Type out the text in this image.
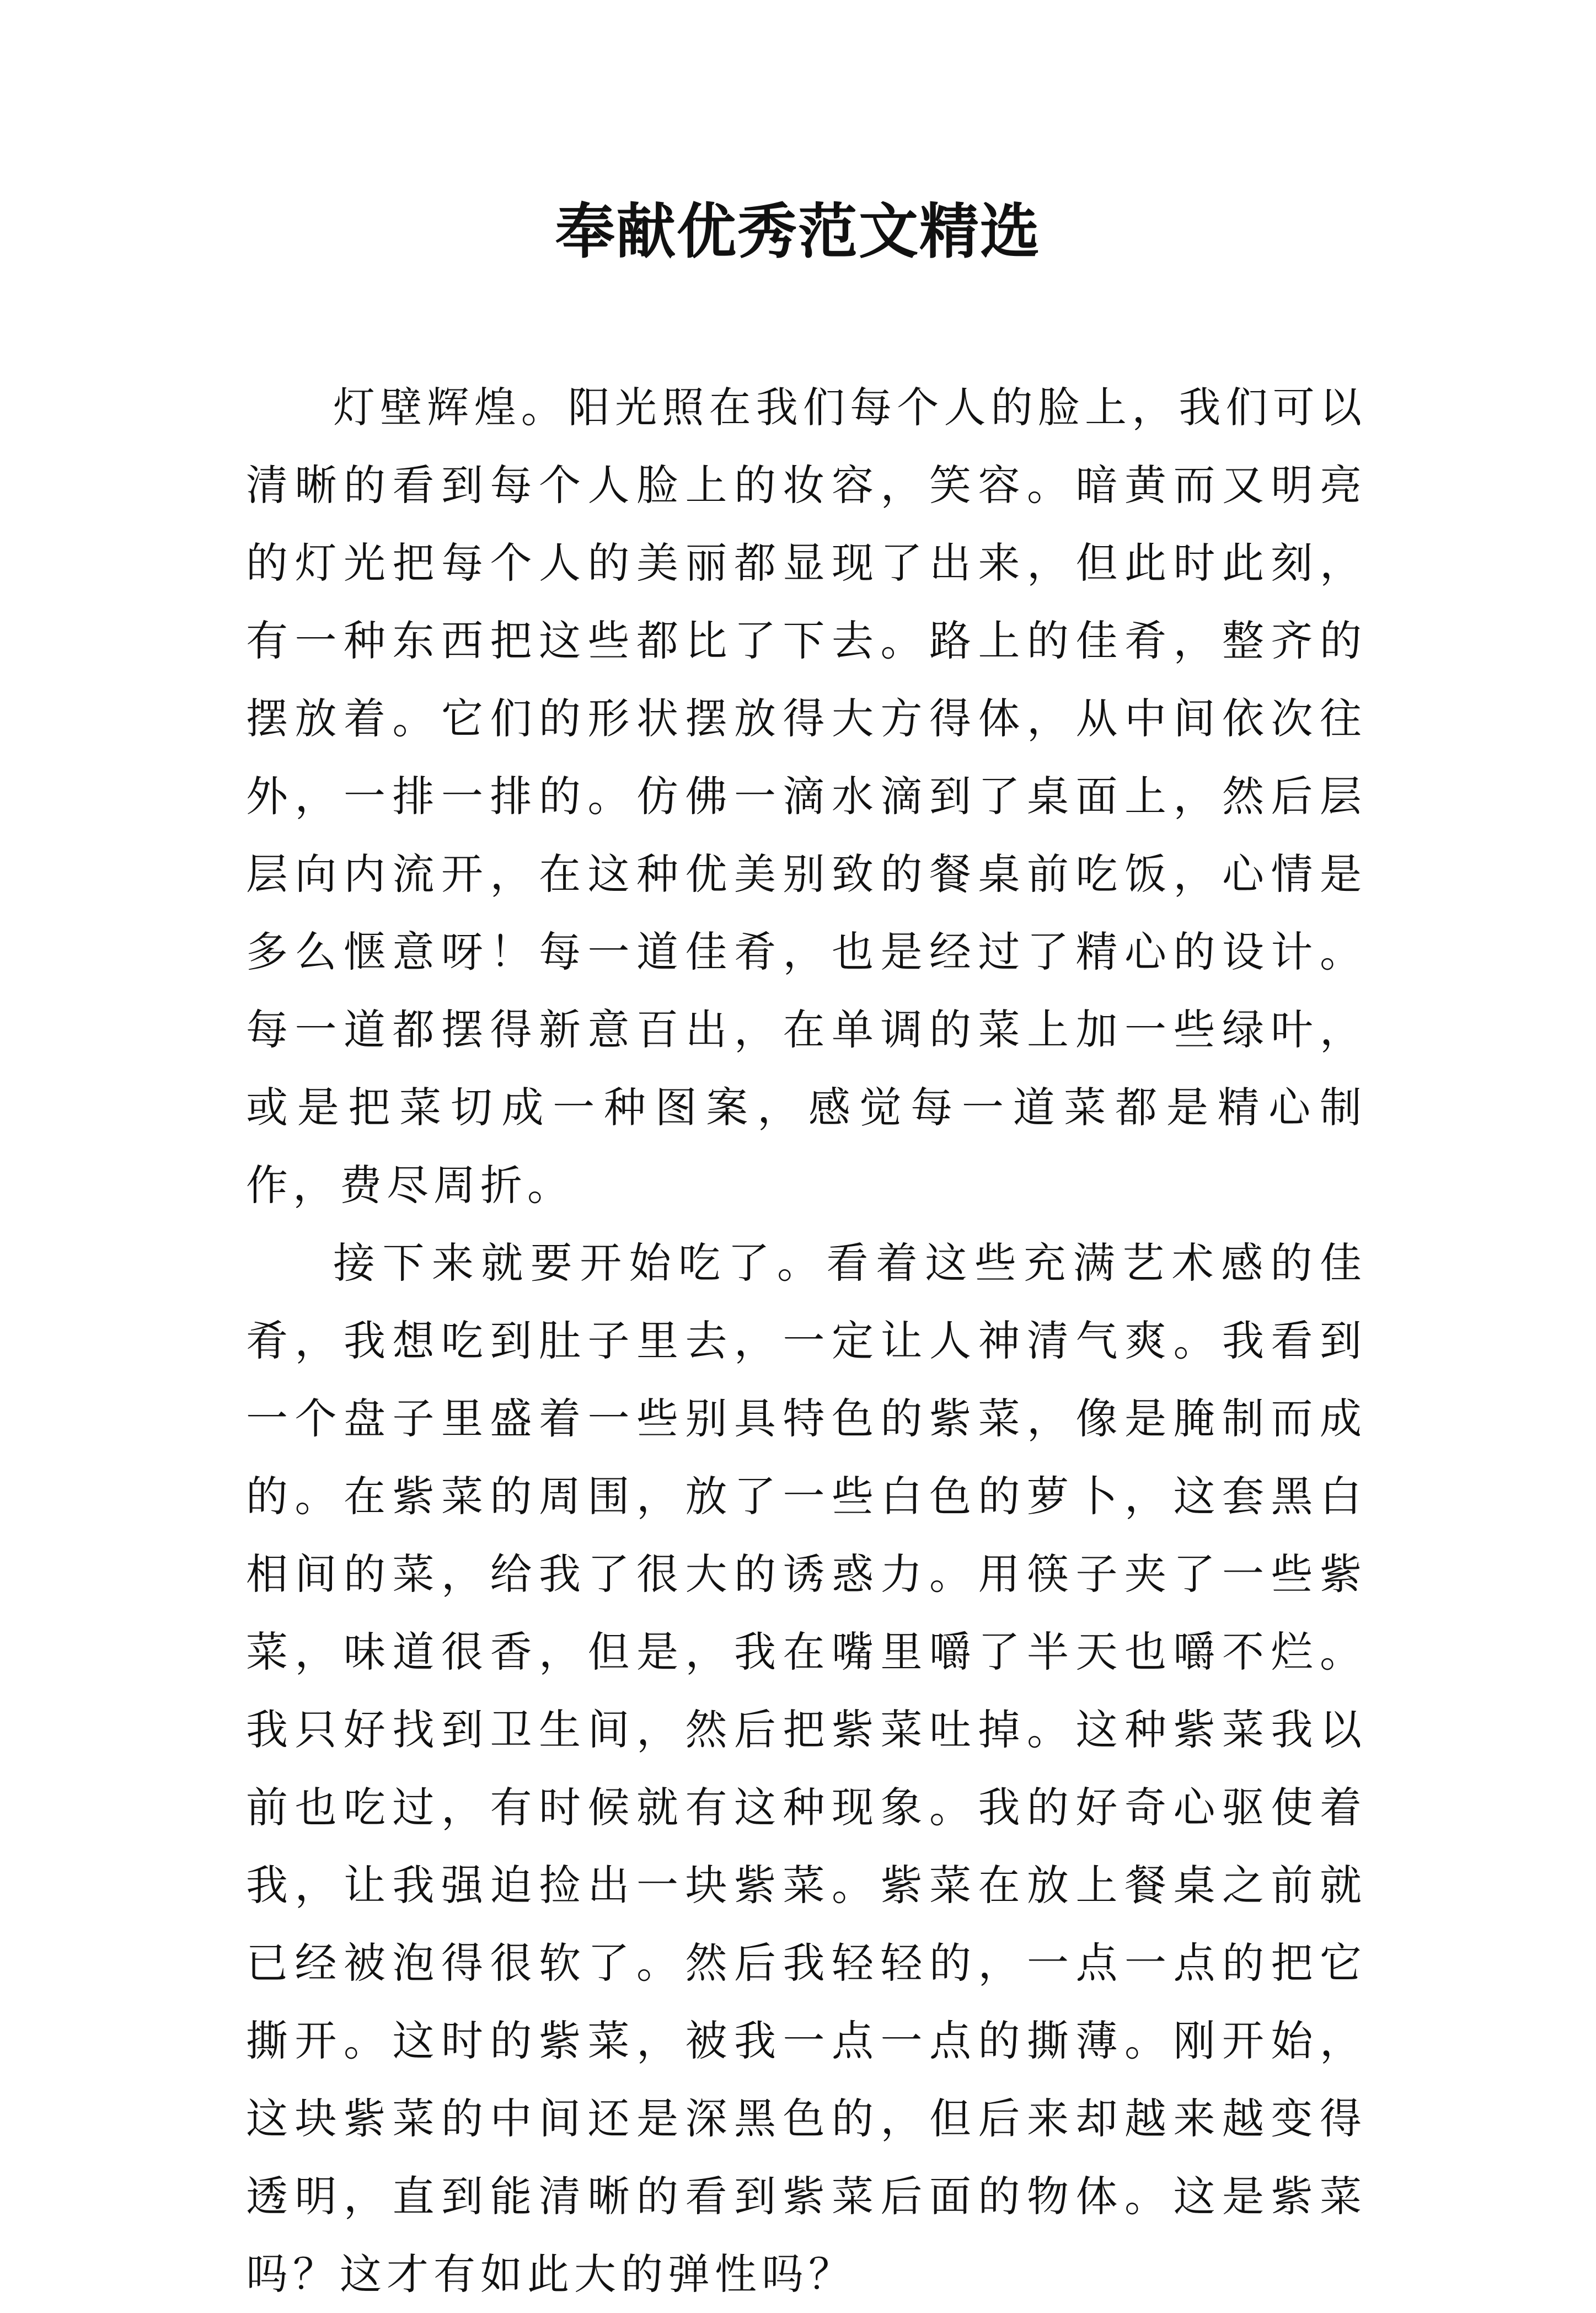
奉献优秀范文精选

灯壁辉煌。阳光照在我们每个人的脸上，我们可以清晰的看到每个人脸上的妆容，笑容。暗黄而又明亮的灯光把每个人的美丽都显现了出来，但此时此刻，有一种东西把这些都比了下去。路上的佳肴，整齐的摆放着。它们的形状摆放得大方得体，从中间依次往外，一排一排的。仿佛一滴水滴到了桌面上，然后层层向内流开，在这种优美别致的餐桌前吃饭，心情是多么惬意呀！每一道佳肴，也是经过了精心的设计。每一道都摆得新意百出，在单调的菜上加一些绿叶，或是把菜切成一种图案，感觉每一道菜都是精心制作，费尽周折。

接下来就要开始吃了。看着这些充满艺术感的佳肴，我想吃到肚子里去，一定让人神清气爽。我看到一个盘子里盛着一些别具特色的紫菜，像是腌制而成的。在紫菜的周围，放了一些白色的萝卜，这套黑白相间的菜，给我了很大的诱惑力。用筷子夹了一些紫菜，味道很香，但是，我在嘴里嚼了半天也嚼不烂。我只好找到卫生间，然后把紫菜吐掉。这种紫菜我以前也吃过，有时候就有这种现象。我的好奇心驱使着我，让我强迫捡出一块紫菜。紫菜在放上餐桌之前就已经被泡得很软了。然后我轻轻的，一点一点的把它撕开。这时的紫菜，被我一点一点的撕薄。刚开始，这块紫菜的中间还是深黑色的，但后来却越来越变得透明，直到能清晰的看到紫菜后面的物体。这是紫菜吗？这才有如此大的弹性吗？
